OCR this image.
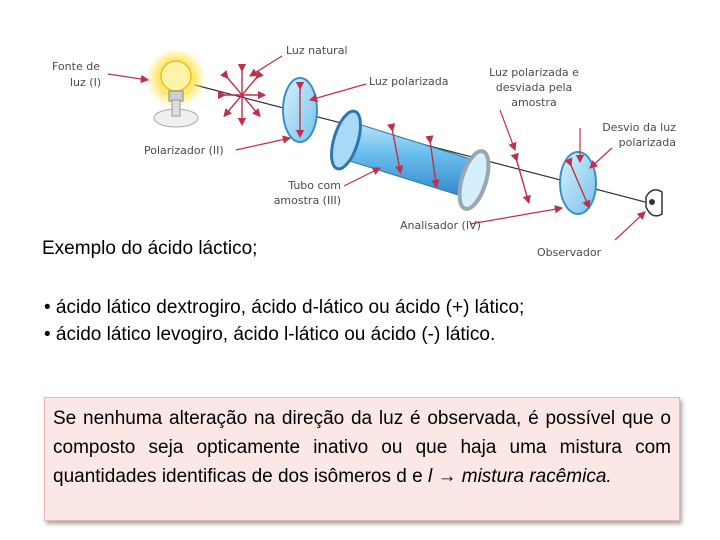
Fonte de
luz (I)
Luz natural
Luz polarizada
Luz polarizada e
desviada pela
amostra
Desvio da luz
polarizada
Polarizador (II)
Tubo com
amostra (III)
Analisador (IV)
Observador
Exemplo do ácido láctico;
• ácido lático dextrogiro, ácido d-lático ou ácido (+) lático;
• ácido lático levogiro, ácido l-lático ou ácido (-) lático.
Se nenhuma alteração na direção da luz é observada, é possível que o composto seja opticamente inativo ou que haja uma mistura com quantidades identificas de dos isômeros d e l → mistura racêmica.
